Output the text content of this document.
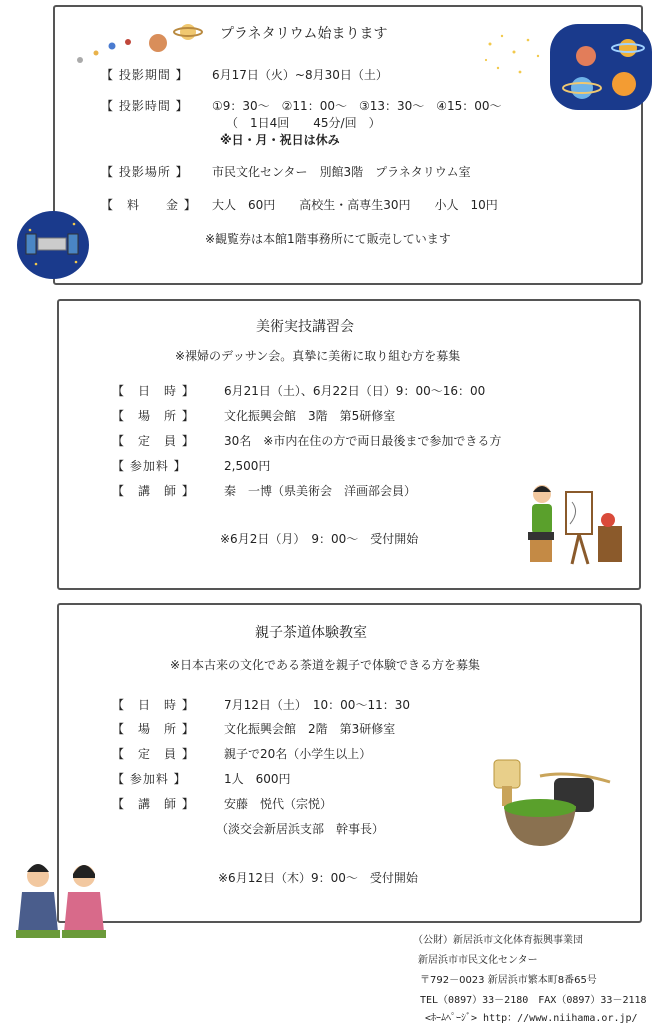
プラネタリウム始まります
【 投影期間 】 6月17日（火）~8月30日（土）
【 投影時間 】 ①9：30～　②11：00～　③13：30～　④15：00～
（　1日4回　　45分/回　）
※日・月・祝日は休み
【 投影場所 】 市民文化センター　別館3階　プラネタリウム室
【　料　　金 】 大人　60円　　高校生・高専生30円　　小人　10円
※観覧券は本館1階事務所にて販売しています
美術実技講習会
※裸婦のデッサン会。真摯に美術に取り組む方を募集
【　日　時 】 6月21日（土）、6月22日（日）9：00～16：00
【　場　所 】 文化振興会館　3階　第5研修室
【　定　員 】 30名　※市内在住の方で両日最後まで参加できる方
【 参加料 】	2,500円
【　講　師 】 秦　一博（県美術会　洋画部会員）
※6月2日（月）　9：00～　受付開始
親子茶道体験教室
※日本古来の文化である茶道を親子で体験できる方を募集
【　日　時 】 7月12日（土）　10：00～11：30
【　場　所 】 文化振興会館　2階　第3研修室
【　定　員 】 親子で20名（小学生以上）
【 参加料 】	1人　600円
【　講　師 】 安藤　悦代（宗悦）
（淡交会新居浜支部　幹事長）
※6月12日（木）9：00～　受付開始
（公財）新居浜市文化体育振興事業団
新居浜市市民文化センター
〒792－0023 新居浜市繁本町8番65号
TEL（0897）33－2180　FAX（0897）33－2118
<ﾎｰﾑﾍﾟｰｼﾞ> http：//www.niihama.or.jp/
